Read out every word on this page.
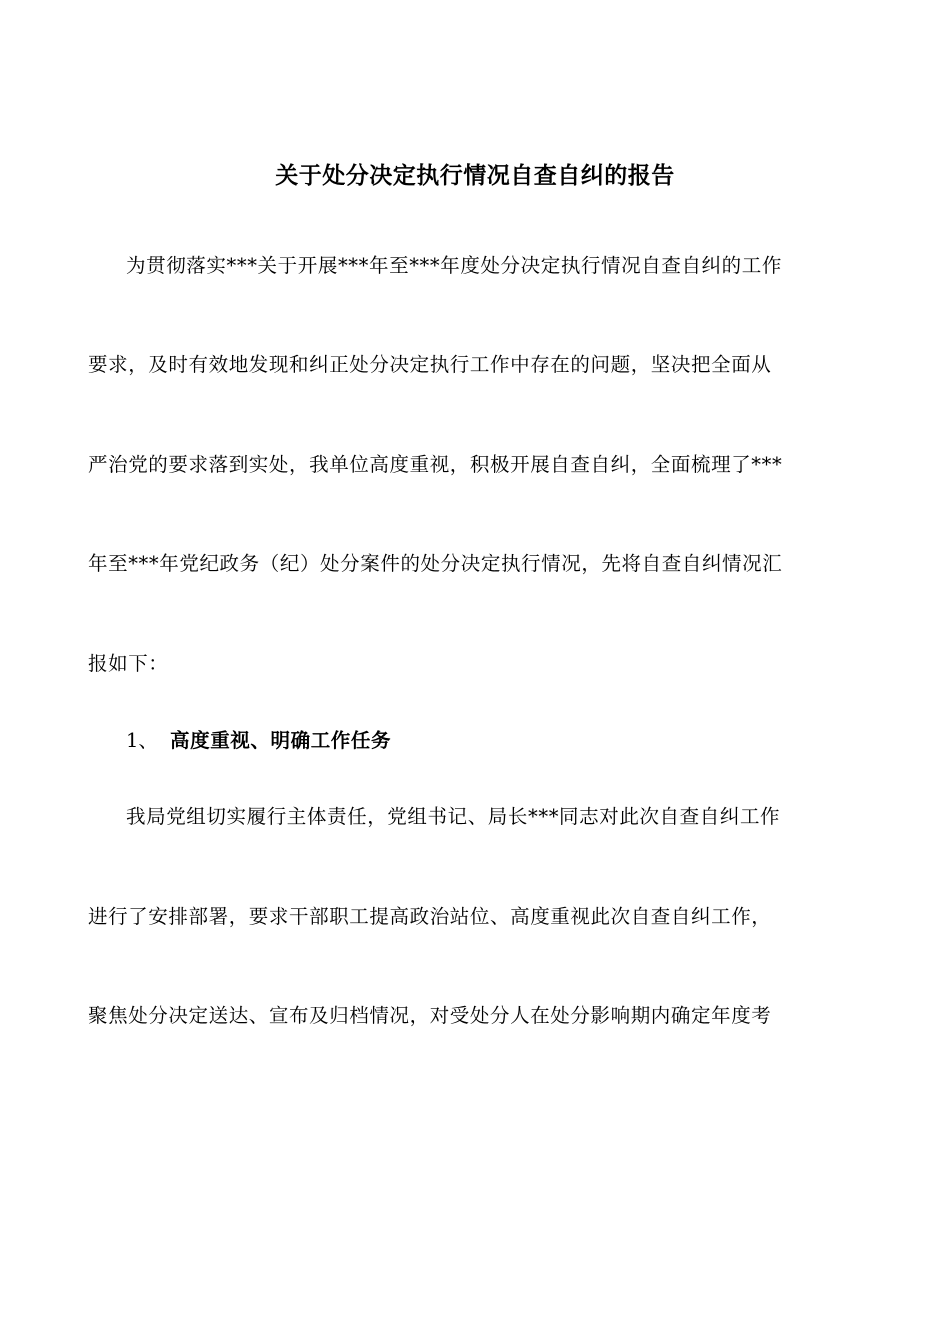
关于处分决定执行情况自查自纠的报告
为贯彻落实***关于开展***年至***年度处分决定执行情况自查自纠的工作
要求，及时有效地发现和纠正处分决定执行工作中存在的问题，坚决把全面从
严治党的要求落到实处，我单位高度重视，积极开展自查自纠，全面梳理了***
年至***年党纪政务（纪）处分案件的处分决定执行情况，先将自查自纠情况汇
报如下：
1、 高度重视、明确工作任务
我局党组切实履行主体责任，党组书记、局长***同志对此次自查自纠工作
进行了安排部署，要求干部职工提高政治站位、高度重视此次自查自纠工作，
聚焦处分决定送达、宣布及归档情况，对受处分人在处分影响期内确定年度考
